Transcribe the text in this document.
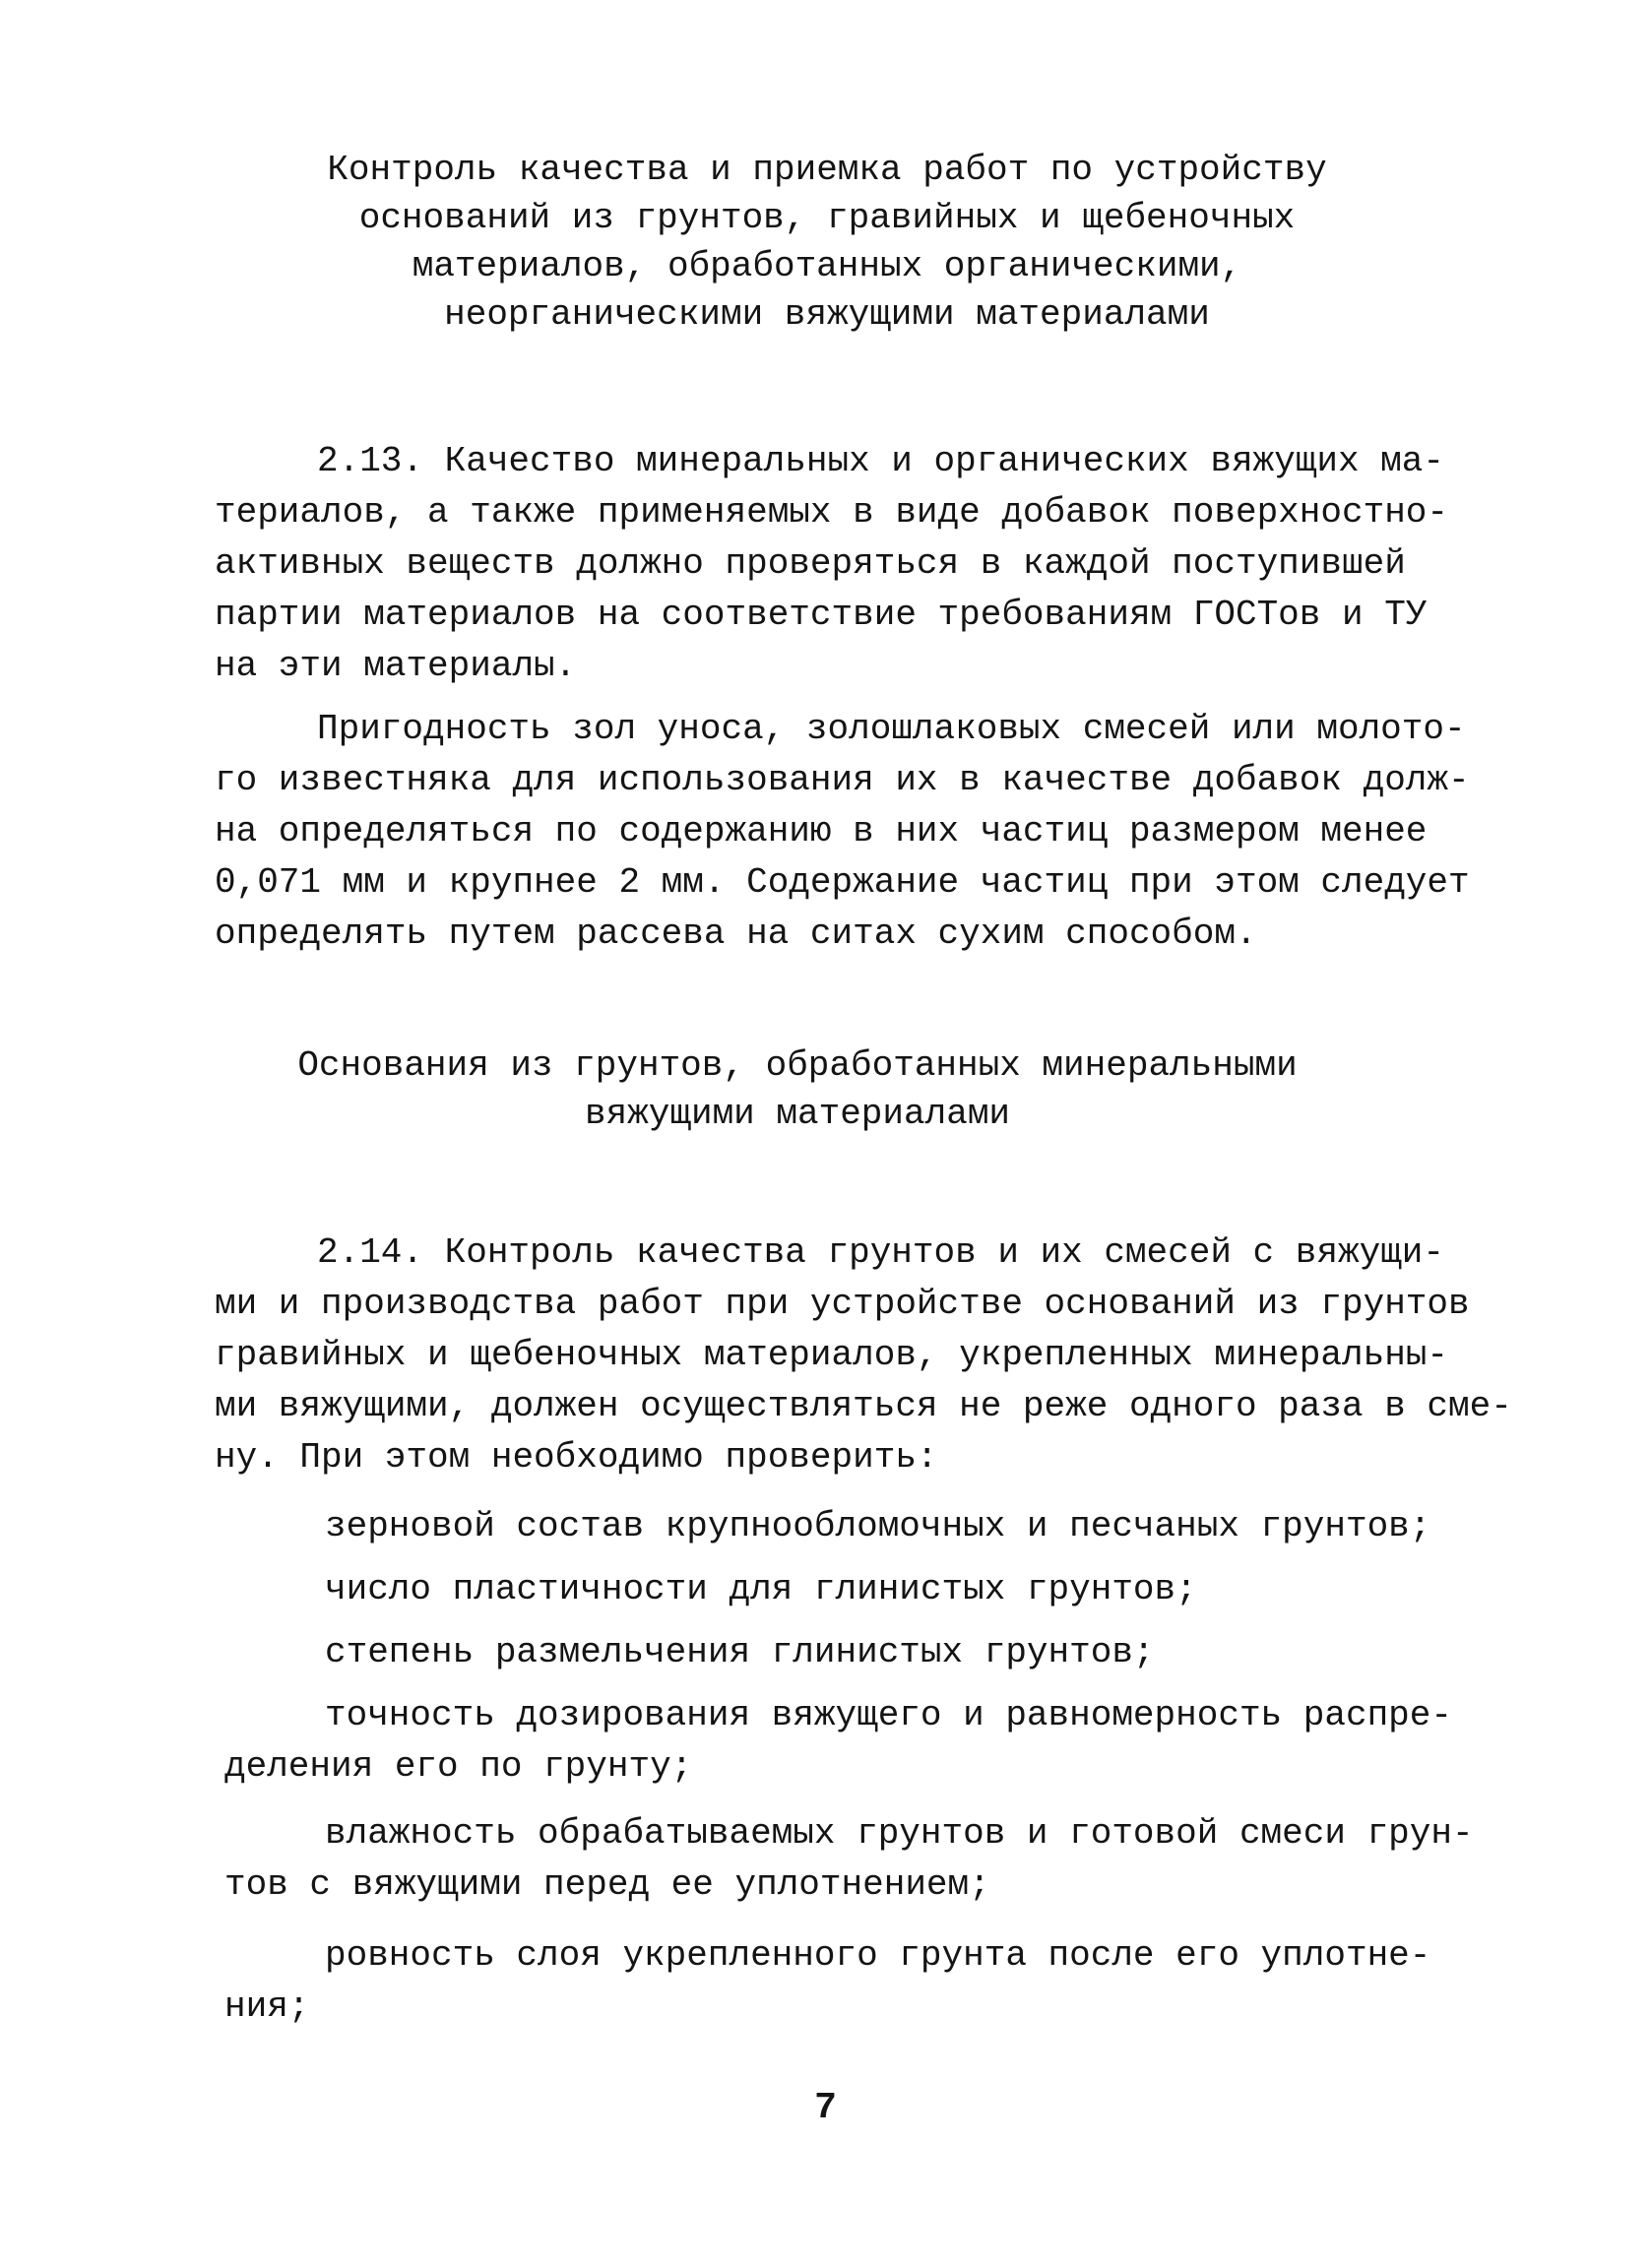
Контроль качества и приемка работ по устройству
оснований из грунтов, гравийных и щебеночных
материалов, обработанных органическими,
неорганическими вяжущими материалами
2.13. Качество минеральных и органических вяжущих ма-
териалов, а также применяемых в виде добавок поверхностно-
активных веществ должно проверяться в каждой поступившей
партии материалов на соответствие требованиям ГОСТов и ТУ
на эти материалы.
Пригодность зол уноса, золошлаковых смесей или молото-
го известняка для использования их в качестве добавок долж-
на определяться по содержанию в них частиц размером менее
0,071 мм и крупнее 2 мм. Содержание частиц при этом следует
определять путем рассева на ситах сухим способом.
Основания из грунтов, обработанных минеральными
вяжущими материалами
2.14. Контроль качества грунтов и их смесей с вяжущи-
ми и производства работ при устройстве оснований из грунтов
гравийных и щебеночных материалов, укрепленных минеральны-
ми вяжущими, должен осуществляться не реже одного раза в сме-
ну. При этом необходимо проверить:
зерновой состав крупнообломочных и песчаных грунтов;
число пластичности для глинистых грунтов;
степень размельчения глинистых грунтов;
точность дозирования вяжущего и равномерность распре-
деления его по грунту;
влажность обрабатываемых грунтов и готовой смеси грун-
тов с вяжущими перед ее уплотнением;
ровность слоя укрепленного грунта после его уплотне-
ния;
7
